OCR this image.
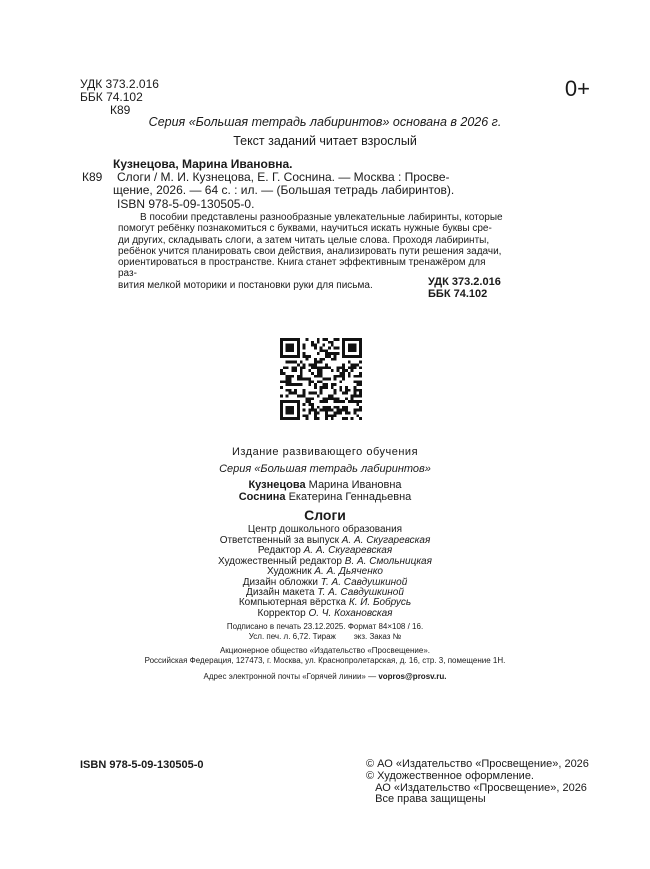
УДК 373.2.016
ББК 74.102
К89
0+
Серия «Большая тетрадь лабиринтов» основана в 2026 г.
Текст заданий читает взрослый
К89

Кузнецова, Марина Ивановна.

Слоги / М. И. Кузнецова, Е. Г. Соснина. — Москва : Просве-

щение, 2026. — 64 с. : ил. — (Большая тетрадь лабиринтов).

ISBN 978-5-09-130505-0.

В пособии представлены разнообразные увлекательные лабиринты, которые
помогут ребёнку познакомиться с буквами, научиться искать нужные буквы сре-
ди других, складывать слоги, а затем читать целые слова. Проходя лабиринты,
ребёнок учится планировать свои действия, анализировать пути решения задачи,
ориентироваться в пространстве. Книга станет эффективным тренажёром для раз-
вития мелкой моторики и постановки руки для письма.	УДК 373.2.016
ББК 74.102
Издание развивающего обучения
Серия «Большая тетрадь лабиринтов»
Кузнецова Марина Ивановна
Соснина Екатерина Геннадьевна
Слоги
Центр дошкольного образования
Ответственный за выпуск А. А. Скугаревская
Редактор А. А. Скугаревская
Художественный редактор В. А. Смольницкая
Художник А. А. Дьяченко
Дизайн обложки Т. А. Савдушкиной
Дизайн макета Т. А. Савдушкиной
Компьютерная вёрстка К. И. Бобрусь
Корректор О. Ч. Кохановская
Подписано в печать 23.12.2025. Формат 84×108 / 16.
Усл. печ. л. 6,72. Тираж        экз. Заказ №
Акционерное общество «Издательство «Просвещение».
Российская Федерация, 127473, г. Москва, ул. Краснопролетарская, д. 16, стр. 3, помещение 1Н.
Адрес электронной почты «Горячей линии» — vopros@prosv.ru.
ISBN 978-5-09-130505-0	© АО «Издательство «Просвещение», 2026
© Художественное оформление.
АО «Издательство «Просвещение», 2026
Все права защищены
